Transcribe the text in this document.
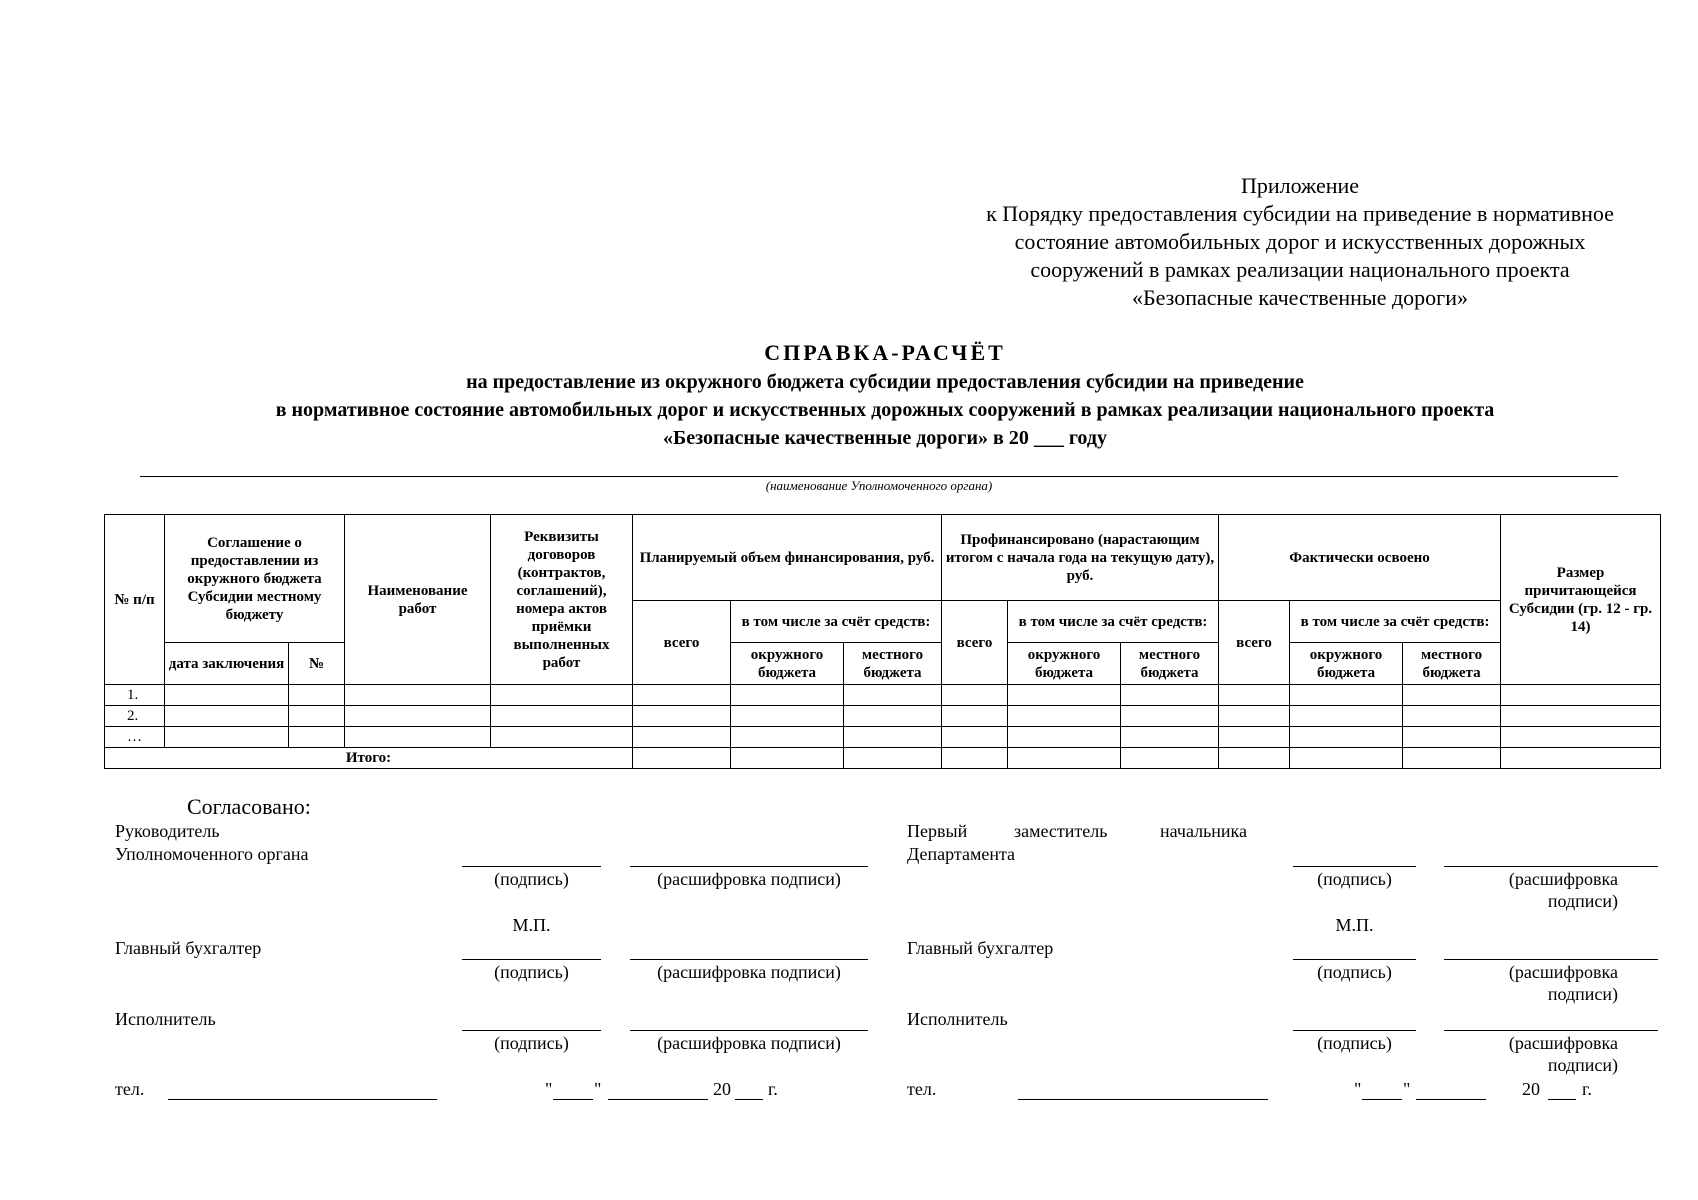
Приложение
к Порядку предоставления субсидии на приведение в нормативное
состояние автомобильных дорог и искусственных дорожных
сооружений в рамках реализации национального проекта
«Безопасные качественные дороги»
СПРАВКА-РАСЧЁТ
на предоставление из окружного бюджета субсидии предоставления субсидии на приведение
в нормативное состояние автомобильных дорог и искусственных дорожных сооружений в рамках реализации национального проекта
«Безопасные качественные дороги» в 20 ___ году
(наименование Уполномоченного органа)
№ п/п	Соглашение о предоставлении из окружного бюджета Субсидии местному бюджету		Наименование работ	Реквизиты договоров (контрактов, соглашений), номера актов приёмки выполненных работ	Планируемый объем финансирования, руб.			Профинансировано (нарастающим итогом с начала года на текущую дату), руб.			Фактически освоено			Размер причитающейся Субсидии (гр. 12 - гр. 14)
					всего	в том числе за счёт средств:		всего	в том числе за счёт средств:		всего	в том числе за счёт средств:		
	дата заключения	№				окружного бюджета	местного бюджета		окружного бюджета	местного бюджета		окружного бюджета	местного бюджета	
1.														
2.														
…														
Итого:														
Согласовано:
Руководитель
Уполномоченного органа
(подпись)	(расшифровка подписи)
М.П.
Главный бухгалтер
(подпись)	(расшифровка подписи)
Исполнитель
(подпись)	(расшифровка подписи)
тел.	" "	20 г.
Первый	заместитель	начальника
Департамента
(подпись)	(расшифровка
подписи)
М.П.
Главный бухгалтер
(подпись)	(расшифровка
подписи)
Исполнитель
(подпись)	(расшифровка
подписи)
тел.	" "	20 г.
